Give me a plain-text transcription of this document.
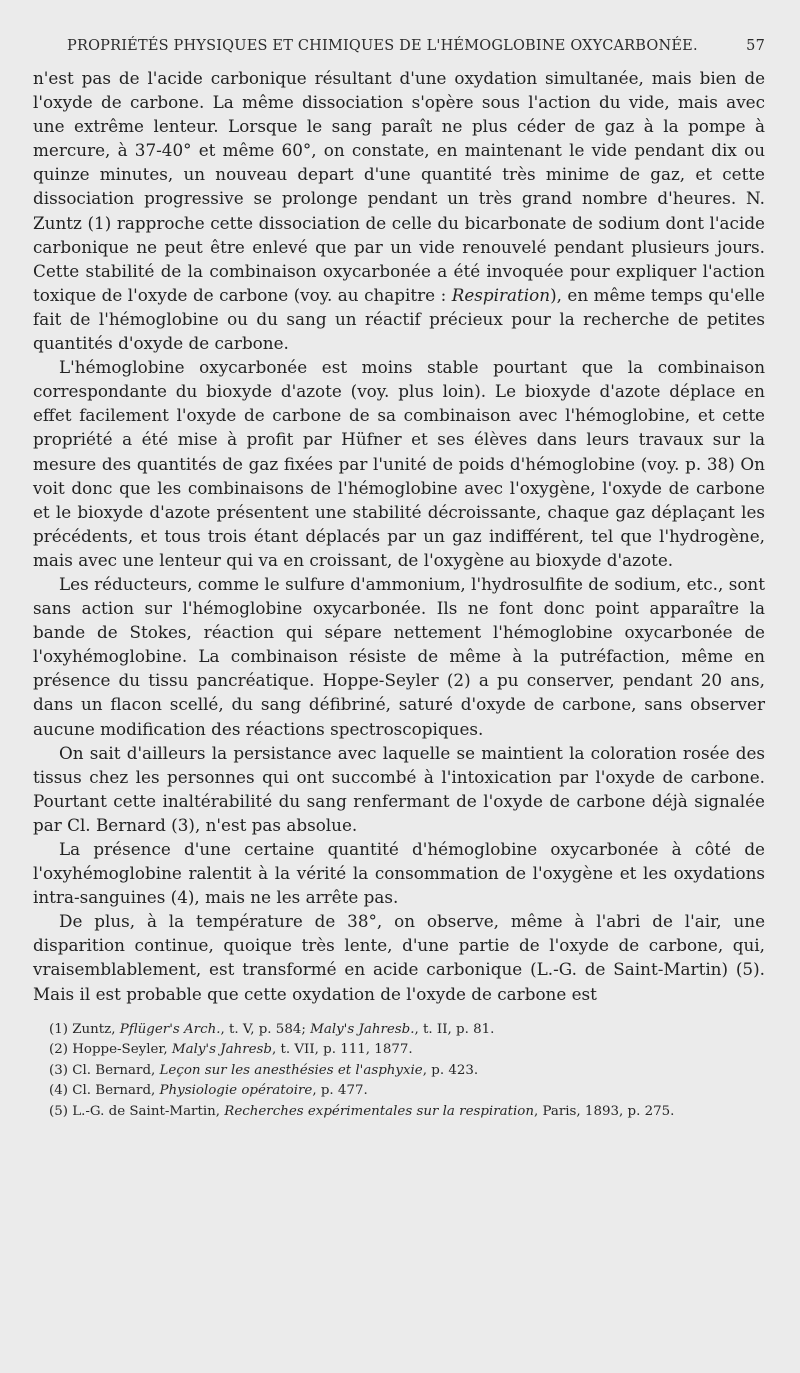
PROPRIÉTÉS PHYSIQUES ET CHIMIQUES DE L'HÉMOGLOBINE OXYCARBONÉE.	57

n'est pas de l'acide carbonique résultant d'une oxydation simultanée, mais bien de l'oxyde de carbone. La même dissociation s'opère sous l'action du vide, mais avec une extrême lenteur. Lorsque le sang paraît ne plus céder de gaz à la pompe à mercure, à 37-40° et même 60°, on constate, en maintenant le vide pendant dix ou quinze minutes, un nouveau depart d'une quantité très minime de gaz, et cette dissociation progressive se prolonge pendant un très grand nombre d'heures. N. Zuntz (1) rapproche cette dissociation de celle du bicarbonate de sodium dont l'acide carbonique ne peut être enlevé que par un vide renouvelé pendant plusieurs jours. Cette stabilité de la combinaison oxycarbonée a été invoquée pour expliquer l'action toxique de l'oxyde de carbone (voy. au chapitre : Respiration), en même temps qu'elle fait de l'hémoglobine ou du sang un réactif précieux pour la recherche de petites quantités d'oxyde de carbone.

L'hémoglobine oxycarbonée est moins stable pourtant que la combinaison correspondante du bioxyde d'azote (voy. plus loin). Le bioxyde d'azote déplace en effet facilement l'oxyde de carbone de sa combinaison avec l'hémoglobine, et cette propriété a été mise à profit par Hüfner et ses élèves dans leurs travaux sur la mesure des quantités de gaz fixées par l'unité de poids d'hémoglobine (voy. p. 38) On voit donc que les combinaisons de l'hémoglobine avec l'oxygène, l'oxyde de carbone et le bioxyde d'azote présentent une stabilité décroissante, chaque gaz déplaçant les précédents, et tous trois étant déplacés par un gaz indifférent, tel que l'hydrogène, mais avec une lenteur qui va en croissant, de l'oxygène au bioxyde d'azote.

Les réducteurs, comme le sulfure d'ammonium, l'hydrosulfite de sodium, etc., sont sans action sur l'hémoglobine oxycarbonée. Ils ne font donc point apparaître la bande de Stokes, réaction qui sépare nettement l'hémoglobine oxycarbonée de l'oxyhémoglobine. La combinaison résiste de même à la putréfaction, même en présence du tissu pancréatique. Hoppe-Seyler (2) a pu conserver, pendant 20 ans, dans un flacon scellé, du sang défibriné, saturé d'oxyde de carbone, sans observer aucune modification des réactions spectroscopiques.

On sait d'ailleurs la persistance avec laquelle se maintient la coloration rosée des tissus chez les personnes qui ont succombé à l'intoxication par l'oxyde de carbone. Pourtant cette inaltérabilité du sang renfermant de l'oxyde de carbone déjà signalée par Cl. Bernard (3), n'est pas absolue.

La présence d'une certaine quantité d'hémoglobine oxycarbonée à côté de l'oxyhémoglobine ralentit à la vérité la consommation de l'oxygène et les oxydations intra-sanguines (4), mais ne les arrête pas.

De plus, à la température de 38°, on observe, même à l'abri de l'air, une disparition continue, quoique très lente, d'une partie de l'oxyde de carbone, qui, vraisemblablement, est transformé en acide carbonique (L.-G. de Saint-Martin) (5). Mais il est probable que cette oxydation de l'oxyde de carbone est

(1) Zuntz, Pflüger's Arch., t. V, p. 584; Maly's Jahresb., t. II, p. 81.

(2) Hoppe-Seyler, Maly's Jahresb, t. VII, p. 111, 1877.

(3) Cl. Bernard, Leçon sur les anesthésies et l'asphyxie, p. 423.

(4) Cl. Bernard, Physiologie opératoire, p. 477.

(5) L.-G. de Saint-Martin, Recherches expérimentales sur la respiration, Paris, 1893, p. 275.
